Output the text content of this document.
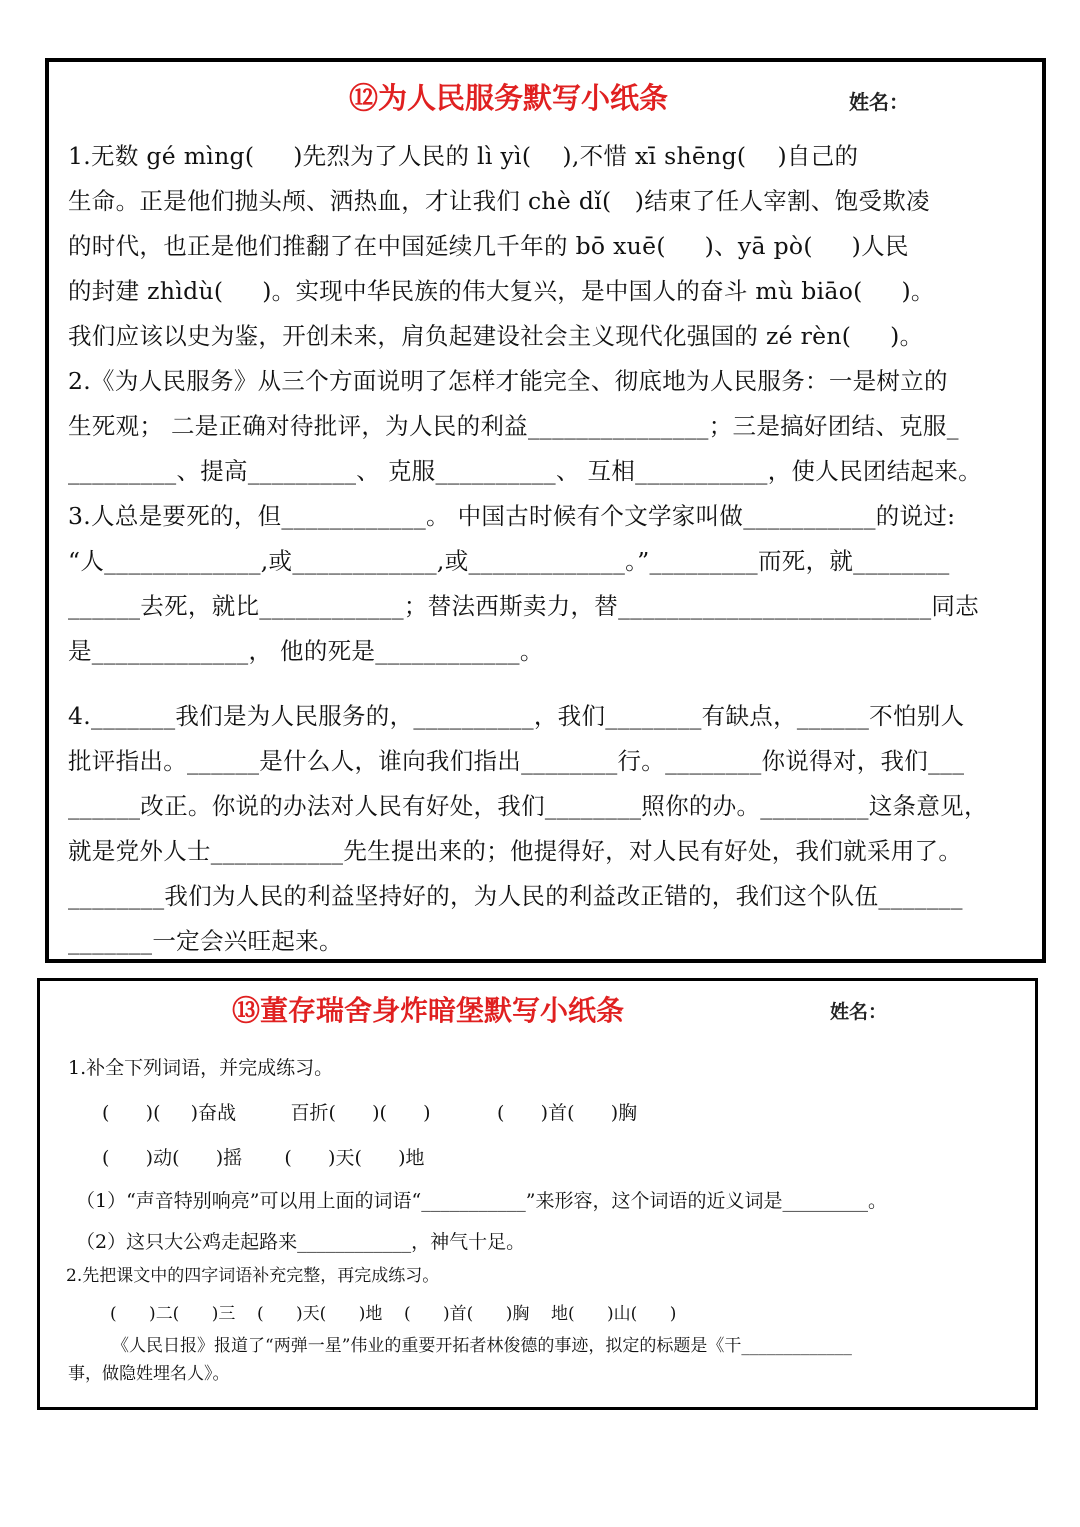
⑫为人民服务默写小纸条	姓名：
1.无数 gé mìng(     )先烈为了人民的 lì yì(    ),不惜 xī shēng(    )自己的
生命。正是他们抛头颅、洒热血，才让我们 chè dǐ(   )结束了任人宰割、饱受欺凌
的时代，也正是他们推翻了在中国延续几千年的 bō xuē(     )、yā pò(     )人民
的封建 zhìdù(     )。实现中华民族的伟大复兴，是中国人的奋斗 mù biāo(     )。
我们应该以史为鉴，开创未来，肩负起建设社会主义现代化强国的 zé rèn(     )。
2.《为人民服务》从三个方面说明了怎样才能完全、彻底地为人民服务：一是树立的
生死观； 二是正确对待批评，为人民的利益_______________；三是搞好团结、克服_
_________、提高_________、 克服__________、 互相___________，使人民团结起来。
3.人总是要死的，但____________。 中国古时候有个文学家叫做___________的说过:
“人_____________,或____________,或_____________。”_________而死，就________
______去死，就比____________；替法西斯卖力，替__________________________同志
是_____________， 他的死是____________。
4._______我们是为人民服务的，__________，我们________有缺点，______不怕别人
批评指出。______是什么人，谁向我们指出________行。________你说得对，我们___
______改正。你说的办法对人民有好处，我们________照你的办。_________这条意见，
就是党外人士___________先生提出来的；他提得好，对人民有好处，我们就采用了。
________我们为人民的利益坚持好的，为人民的利益改正错的，我们这个队伍_______
_______一定会兴旺起来。
⑬董存瑞舍身炸暗堡默写小纸条	姓名：
1.补全下列词语，并完成练习。
(      )(     )奋战         百折(      )(      )           (      )首(      )胸
(      )动(      )摇       (      )天(      )地
（1）“声音特别响亮”可以用上面的词语“___________”来形容，这个词语的近义词是_________。
（2）这只大公鸡走起路来____________，神气十足。
2.先把课文中的四字词语补充完整，再完成练习。
(      )二(      )三    (      )天(      )地    (      )首(      )胸    地(      )山(      )
《人民日报》报道了“两弹一星”伟业的重要开拓者林俊德的事迹，拟定的标题是《干_____________
事，做隐姓埋名人》。
